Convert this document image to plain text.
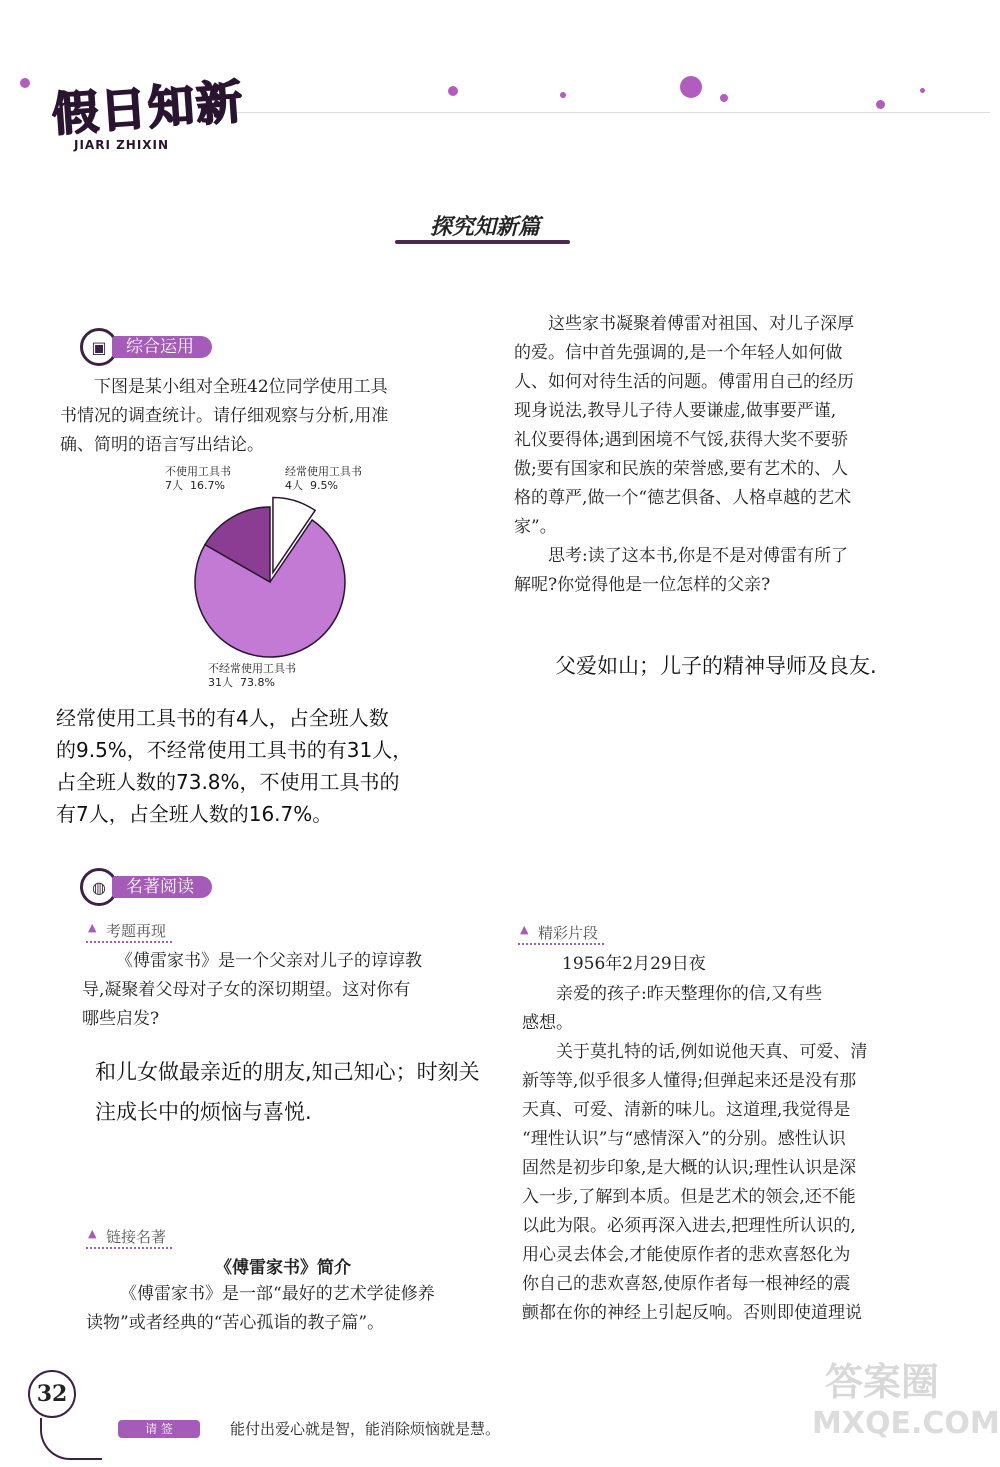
假日知新
JIARI ZHIXIN
探究知新篇
▣	综合运用
下图是某小组对全班42位同学使用工具
书情况的调查统计。请仔细观察与分析,用准
确、简明的语言写出结论。
不使用工具书
7人 16.7%
经常使用工具书
4人 9.5%
不经常使用工具书
31人 73.8%
经常使用工具书的有4人，占全班人数
的9.5%，不经常使用工具书的有31人，
占全班人数的73.8%，不使用工具书的
有7人，占全班人数的16.7%。
◍	名著阅读
▲ 考题再现
《傅雷家书》是一个父亲对儿子的谆谆教
导,凝聚着父母对子女的深切期望。这对你有
哪些启发?
和儿女做最亲近的朋友,知己知心；时刻关
注成长中的烦恼与喜悦.
▲ 链接名著
《傅雷家书》简介
《傅雷家书》是一部“最好的艺术学徒修养
读物”或者经典的“苦心孤诣的教子篇”。
这些家书凝聚着傅雷对祖国、对儿子深厚
的爱。信中首先强调的,是一个年轻人如何做
人、如何对待生活的问题。傅雷用自己的经历
现身说法,教导儿子待人要谦虚,做事要严谨,
礼仪要得体;遇到困境不气馁,获得大奖不要骄
傲;要有国家和民族的荣誉感,要有艺术的、人
格的尊严,做一个“德艺俱备、人格卓越的艺术
家”。
思考:读了这本书,你是不是对傅雷有所了
解呢?你觉得他是一位怎样的父亲?
父爱如山；儿子的精神导师及良友.
▲ 精彩片段
1956年2月29日夜
亲爱的孩子:昨天整理你的信,又有些
感想。
关于莫扎特的话,例如说他天真、可爱、清
新等等,似乎很多人懂得;但弹起来还是没有那
天真、可爱、清新的味儿。这道理,我觉得是
“理性认识”与“感情深入”的分别。感性认识
固然是初步印象,是大概的认识;理性认识是深
入一步,了解到本质。但是艺术的领会,还不能
以此为限。必须再深入进去,把理性所认识的,
用心灵去体会,才能使原作者的悲欢喜怒化为
你自己的悲欢喜怒,使原作者每一根神经的震
颤都在你的神经上引起反响。否则即使道理说
32
请 签	能付出爱心就是智，能消除烦恼就是慧。
答案圈
MXQE.COM
